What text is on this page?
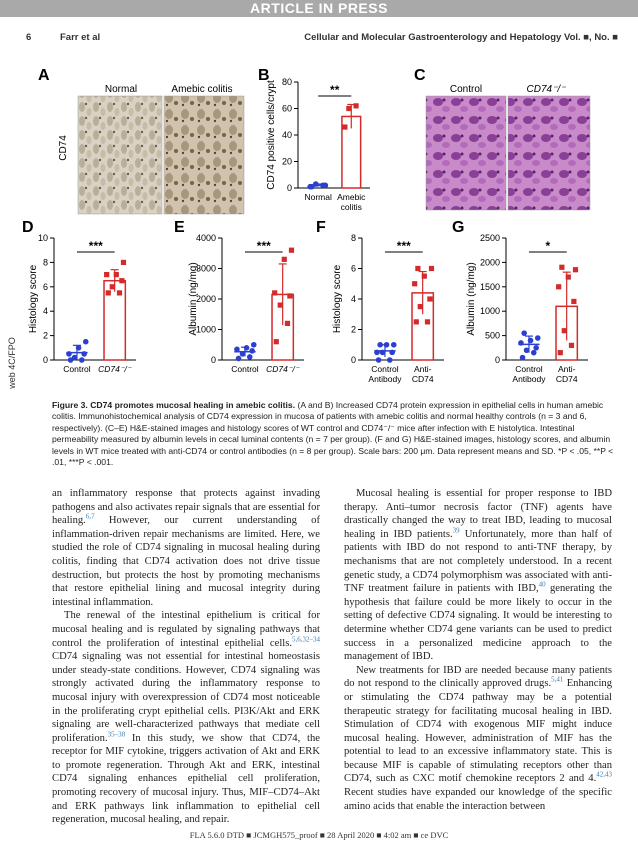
ARTICLE IN PRESS
6	Farr et al	Cellular and Molecular Gastroenterology and Hepatology Vol. ■, No. ■
web 4C/FPO
A
Normal	Amebic colitis
CD74
C
Control	CD74⁻/⁻
B
0
20
40
60
80
CD74 positive cells/crypt
Normal Amebic
colitis
**
D
0
2
4
6
8
10
Histology score
Control CD74⁻/⁻
***
E
0
1000
2000
3000
4000
Albumin (ng/mg)
Control CD74⁻/⁻
***
F
0
2
4
6
8
Histology score
Control
Antibody
Anti-
CD74
***
G
0
500
1000
1500
2000
2500
Albumin (ng/mg)
Control
Antibody
Anti-
CD74
*

Figure 3. CD74 promotes mucosal healing in amebic colitis. (A and B) Increased CD74 protein expression in epithelial cells in human amebic colitis. Immunohistochemical analysis of CD74 expression in mucosa of patients with amebic colitis and normal healthy controls (n = 3 and 6, respectively). (C–E) H&E-stained images and histology scores of WT control and CD74⁻/⁻ mice after infection with E histolytica. Intestinal permeability measured by albumin levels in cecal luminal contents (n = 7 per group). (F and G) H&E-stained images, histology scores, and albumin levels in WT mice treated with anti-CD74 or control antibodies (n = 8 per group). Scale bars: 200 μm. Data represent means and SD. *P < .05, **P < .01, ***P < .001.

an inflammatory response that protects against invading pathogens and also activates repair signals that are essential for healing.$^{6,7}$ However, our current understanding of inflammation-driven repair mechanisms are limited. Here, we studied the role of CD74 signaling in mucosal healing during colitis, finding that CD74 activation does not drive tissue destruction, but protects the host by promoting mechanisms that restore epithelial lining and mucosal integrity during intestinal inflammation.

The renewal of the intestinal epithelium is critical for mucosal healing and is regulated by signaling pathways that control the proliferation of intestinal epithelial cells.$^{5,6,32-34}$ CD74 signaling was not essential for intestinal homeostasis under steady-state conditions. However, CD74 signaling was strongly activated during the inflammatory response to mucosal injury with overexpression of CD74 most noticeable in the proliferating crypt epithelial cells. PI3K/Akt and ERK signaling are well-characterized pathways that mediate cell proliferation.$^{35-38}$ In this study, we show that CD74, the receptor for MIF cytokine, triggers activation of Akt and ERK to promote regeneration. Through Akt and ERK, intestinal CD74 signaling enhances epithelial cell proliferation, promoting recovery of mucosal injury. Thus, MIF–CD74–Akt and ERK pathways link inflammation to epithelial cell regeneration, mucosal healing, and repair.

Mucosal healing is essential for proper response to IBD therapy. Anti–tumor necrosis factor (TNF) agents have drastically changed the way to treat IBD, leading to mucosal healing in IBD patients.$^{39}$ Unfortunately, more than half of patients with IBD do not respond to anti-TNF therapy, by mechanisms that are not completely understood. In a recent genetic study, a CD74 polymorphism was associated with anti-TNF treatment failure in patients with IBD,$^{40}$ generating the hypothesis that failure could be more likely to occur in the setting of defective CD74 signaling. It would be interesting to determine whether CD74 gene variants can be used to predict success in a personalized medicine approach to the management of IBD.

New treatments for IBD are needed because many patients do not respond to the clinically approved drugs.$^{5,41}$ Enhancing or stimulating the CD74 pathway may be a potential therapeutic strategy for facilitating mucosal healing in IBD. Stimulation of CD74 with exogenous MIF might induce mucosal healing. However, administration of MIF has the potential to lead to an excessive inflammatory state. This is because MIF is capable of stimulating receptors other than CD74, such as CXC motif chemokine receptors 2 and 4.$^{42,43}$ Recent studies have expanded our knowledge of the specific amino acids that enable the interaction between

FLA 5.6.0 DTD ■ JCMGH575_proof ■ 28 April 2020 ■ 4:02 am ■ ce DVC
